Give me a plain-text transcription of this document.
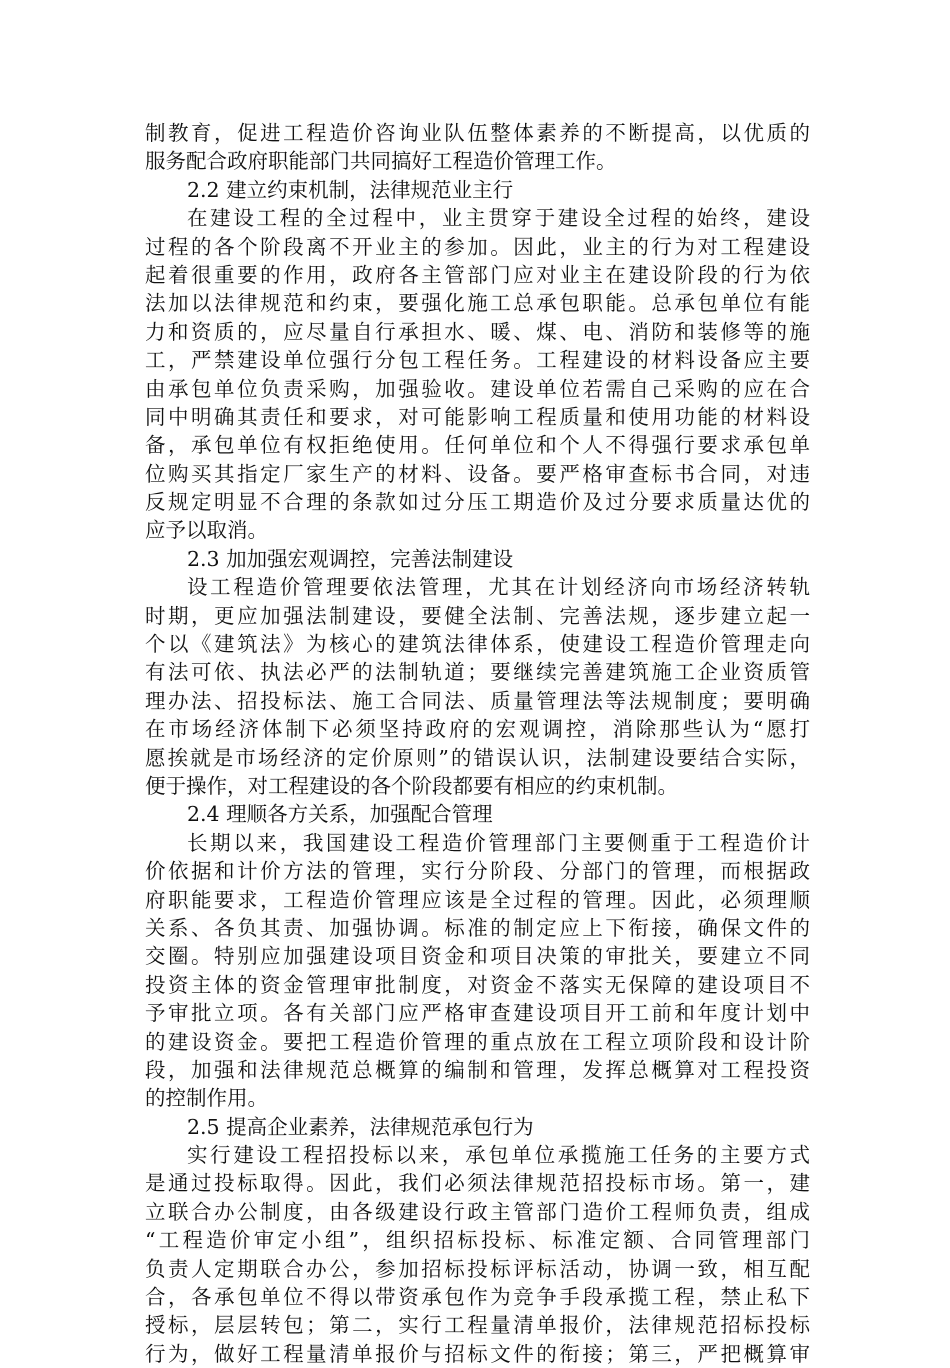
制教育，促进工程造价咨询业队伍整体素养的不断提高，以优质的
服务配合政府职能部门共同搞好工程造价管理工作。
2.2 建立约束机制，法律规范业主行
在建设工程的全过程中，业主贯穿于建设全过程的始终，建设
过程的各个阶段离不开业主的参加。因此，业主的行为对工程建设
起着很重要的作用，政府各主管部门应对业主在建设阶段的行为依
法加以法律规范和约束，要强化施工总承包职能。总承包单位有能
力和资质的，应尽量自行承担水、暖、煤、电、消防和装修等的施
工，严禁建设单位强行分包工程任务。工程建设的材料设备应主要
由承包单位负责采购，加强验收。建设单位若需自己采购的应在合
同中明确其责任和要求，对可能影响工程质量和使用功能的材料设
备，承包单位有权拒绝使用。任何单位和个人不得强行要求承包单
位购买其指定厂家生产的材料、设备。要严格审查标书合同，对违
反规定明显不合理的条款如过分压工期造价及过分要求质量达优的
应予以取消。
2.3 加加强宏观调控，完善法制建设
设工程造价管理要依法管理，尤其在计划经济向市场经济转轨
时期，更应加强法制建设，要健全法制、完善法规，逐步建立起一
个以《建筑法》为核心的建筑法律体系，使建设工程造价管理走向
有法可依、执法必严的法制轨道；要继续完善建筑施工企业资质管
理办法、招投标法、施工合同法、质量管理法等法规制度；要明确
在市场经济体制下必须坚持政府的宏观调控，消除那些认为“愿打
愿挨就是市场经济的定价原则”的错误认识，法制建设要结合实际，
便于操作，对工程建设的各个阶段都要有相应的约束机制。
2.4 理顺各方关系，加强配合管理
长期以来，我国建设工程造价管理部门主要侧重于工程造价计
价依据和计价方法的管理，实行分阶段、分部门的管理，而根据政
府职能要求，工程造价管理应该是全过程的管理。因此，必须理顺
关系、各负其责、加强协调。标准的制定应上下衔接，确保文件的
交圈。特别应加强建设项目资金和项目决策的审批关，要建立不同
投资主体的资金管理审批制度，对资金不落实无保障的建设项目不
予审批立项。各有关部门应严格审查建设项目开工前和年度计划中
的建设资金。要把工程造价管理的重点放在工程立项阶段和设计阶
段，加强和法律规范总概算的编制和管理，发挥总概算对工程投资
的控制作用。
2.5 提高企业素养，法律规范承包行为
实行建设工程招投标以来，承包单位承揽施工任务的主要方式
是通过投标取得。因此，我们必须法律规范招投标市场。第一，建
立联合办公制度，由各级建设行政主管部门造价工程师负责，组成
“工程造价审定小组”，组织招标投标、标准定额、合同管理部门
负责人定期联合办公，参加招标投标评标活动，协调一致，相互配
合，各承包单位不得以带资承包作为竞争手段承揽工程，禁止私下
授标，层层转包；第二，实行工程量清单报价，法律规范招标投标
行为，做好工程量清单报价与招标文件的衔接；第三，严把概算审
